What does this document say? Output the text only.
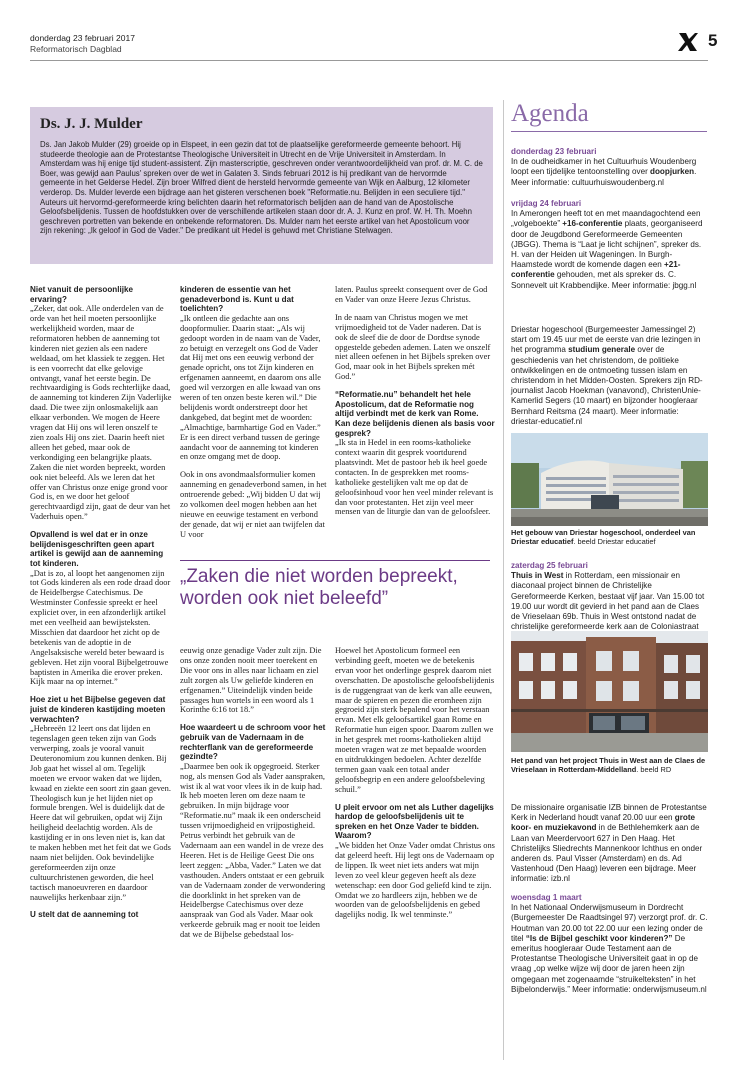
donderdag 23 februari 2017
Reformatorisch Dagblad	5
Ds. J. J. Mulder
Ds. Jan Jakob Mulder (29) groeide op in Elspeet, in een gezin dat tot de plaatselijke gereformeerde gemeente behoort. Hij studeerde theologie aan de Protestantse Theologische Universiteit in Utrecht en de Vrije Universiteit in Amsterdam. In Amsterdam was hij enige tijd student-assistent. Zijn masterscriptie, geschreven onder verantwoordelijkheid van prof. dr. M. C. de Boer, was gewijd aan Paulus' spreken over de wet in Galaten 3. Sinds februari 2012 is hij predikant van de hervormde gemeente in het Gelderse Hedel. Zijn broer Wilfred dient de hersteld hervormde gemeente van Wijk en Aalburg, 12 kilometer verderop. Ds. Mulder leverde een bijdrage aan het gisteren verschenen boek "Reformatie.nu. Belijden in een seculiere tijd." Auteurs uit hervormd-gereformeerde kring belichten daarin het reformatorisch belijden aan de hand van de Apostolische Geloofsbelijdenis. Tussen de hoofdstukken over de verschillende artikelen staan door dr. A. J. Kunz en prof. W. H. Th. Moehn geschreven portretten van bekende en onbekende reformatoren. Ds. Mulder nam het eerste artikel van het Apostolicum voor zijn rekening: „Ik geloof in God de Vader." De predikant uit Hedel is gehuwd met Christiane Stelwagen.

Niet vanuit de persoonlijke ervaring?

„Zeker, dat ook. Alle onderdelen van de orde van het heil moeten persoonlijke werkelijkheid worden, maar de reformatoren hebben de aanneming tot kinderen niet gezien als een nadere weldaad, om het klassiek te zeggen. Het is een voorrecht dat elke gelovige ontvangt, vanaf het eerste begin. De rechtvaardiging is Gods rechterlijke daad, de aanneming tot kinderen Zijn Vaderlijke daad. Die twee zijn onlosmakelijk aan elkaar verbonden. We mogen de Heere vragen dat Hij ons wil leren onszelf te zien zoals Hij ons ziet. Daarin heeft niet alleen het gebed, maar ook de verkondiging een belangrijke plaats. Zaken die niet worden bepreekt, worden ook niet beleefd. Als we leren dat het offer van Christus onze enige grond voor God is, en we door het geloof gerechtvaardigd zijn, gaat de deur van het Vaderhuis open.”

Opvallend is wel dat er in onze belijdenisgeschriften geen apart artikel is gewijd aan de aanneming tot kinderen.

„Dat is zo, al loopt het aangenomen zijn tot Gods kinderen als een rode draad door de Heidelbergse Catechismus. De Westminster Confessie spreekt er heel expliciet over, in een afzonderlijk artikel met een veelheid aan bewijsteksten. Misschien dat daardoor het zicht op de betekenis van de adoptie in de Angelsaksische wereld beter bewaard is gebleven. Het zijn vooral Bijbelgetrouwe baptisten in Amerika die erover preken. Kijk maar na op internet.”

Hoe ziet u het Bijbelse gegeven dat juist de kinderen kastijding moeten verwachten?

„Hebreeën 12 leert ons dat lijden en tegenslagen geen teken zijn van Gods verwerping, zoals je vooral vanuit Deuteronomium zou kunnen denken. Bij Job gaat het wissel al om. Tegelijk moeten we ervoor waken dat we lijden, kwaad en ziekte een soort zin gaan geven. Theologisch kun je het lijden niet op formule brengen. Wel is duidelijk dat de Heere dat wil gebruiken, opdat wij Zijn heiligheid deelachtig worden. Als de kastijding er in ons leven niet is, kan dat te maken hebben met het feit dat we Gods naam niet belijden. Ook bevindelijke gereformeerden zijn onze cultuurchristenen geworden, die heel tactisch manoeuvreren en daardoor nauwelijks herkenbaar zijn.”

U stelt dat de aanneming tot

kinderen de essentie van het genadeverbond is. Kunt u dat toelichten?

„Ik ontleen die gedachte aan ons doopformulier. Daarin staat: „Als wij gedoopt worden in de naam van de Vader, zo betuigt en verzegelt ons God de Vader dat Hij met ons een eeuwig verbond der genade opricht, ons tot Zijn kinderen en erfgenamen aanneemt, en daarom ons alle goed wil verzorgen en alle kwaad van ons weren of ten onzen beste keren wil.” Die belijdenis wordt onderstreept door het dankgebed, dat begint met de woorden: „Almachtige, barmhartige God en Vader.” Er is een direct verband tussen de geringe aandacht voor de aanneming tot kinderen en onze omgang met de doop.

Ook in ons avondmaalsformulier komen aanneming en genadeverbond samen, in het ontroerende gebed: „Wij bidden U dat wij zo volkomen deel mogen hebben aan het nieuwe en eeuwige testament en verbond der genade, dat wij er niet aan twijfelen dat U voor

laten. Paulus spreekt consequent over de God en Vader van onze Heere Jezus Christus.

In de naam van Christus mogen we met vrijmoedigheid tot de Vader naderen. Dat is ook de sleef die de door de Dordtse synode opgestelde gebeden ademen. Laten we onszelf niet alleen oefenen in het Bijbels spreken over God, maar ook in het Bijbels spreken mét God.”

“Reformatie.nu” behandelt het hele Apostolicum, dat de Reformatie nog altijd verbindt met de kerk van Rome. Kan deze belijdenis dienen als basis voor gesprek?

„Ik sta in Hedel in een rooms-katholieke context waarin dit gesprek voortdurend plaatsvindt. Met de pastoor heb ik heel goede contacten. In de gesprekken met rooms-katholieke gestelijken valt me op dat de geloofsinhoud voor hen veel minder relevant is dan voor protestanten. Het zijn veel meer mensen van de liturgie dan van de geloofsleer.

„Zaken die niet worden bepreekt, worden ook niet beleefd”

eeuwig onze genadige Vader zult zijn. Die ons onze zonden nooit meer toerekent en Die voor ons in alles naar lichaam en ziel zult zorgen als Uw geliefde kinderen en erfgenamen.” Uiteindelijk vinden beide passages hun wortels in een woord als 1 Korinthe 6:16 tot 18.”

Hoe waardeert u de schroom voor het gebruik van de Vadernaam in de rechterflank van de gereformeerde gezindte?

„Daarmee ben ook ik opgegroeid. Sterker nog, als mensen God als Vader aanspraken, wist ik al wat voor vlees ik in de kuip had. Ik heb moeten leren om deze naam te gebruiken. In mijn bijdrage voor “Reformatie.nu” maak ik een onderscheid tussen vrijmoedigheid en vrijpostigheid. Petrus verbindt het gebruik van de Vadernaam aan een wandel in de vreze des Heeren. Het is de Heilige Geest Die ons leert zeggen: „Abba, Vader.” Laten we dat vasthouden. Anders ontstaat er een gebruik van de Vadernaam zonder de verwondering die doorklinkt in het spreken van de Heidelbergse Catechismus over deze aanspraak van God als Vader. Maar ook verkeerde gebruik mag er nooit toe leiden dat we de Bijbelse gebedstaal los-

Hoewel het Apostolicum formeel een verbinding geeft, moeten we de betekenis ervan voor het onderlinge gesprek daarom niet overschatten. De apostolische geloofsbelijdenis is de ruggengraat van de kerk van alle eeuwen, maar de spieren en pezen die eromheen zijn gegroeid zijn sterk bepalend voor het verstaan ervan. Met elk geloofsartikel gaan Rome en Reformatie hun eigen spoor. Daarom zullen we in het gesprek met rooms-katholieken altijd moeten vragen wat ze met bepaalde woorden en uitdrukkingen bedoelen. Achter dezelfde termen gaan vaak een totaal ander geloofsbegrip en een andere geloofsbeleving schuil.”

U pleit ervoor om net als Luther dagelijks hardop de geloofsbelijdenis uit te spreken en het Onze Vader te bidden. Waarom?

„We bidden het Onze Vader omdat Christus ons dat geleerd heeft. Hij legt ons de Vadernaam op de lippen. Ik weet niet iets anders wat mijn leven zo veel kleur gegeven heeft als deze wetenschap: een door God geliefd kind te zijn. Omdat we zo hardleers zijn, hebben we de woorden van de geloofsbelijdenis en gebed dagelijks nodig. Ik wel tenminste.”

Agenda
donderdag 23 februari
In de oudheidkamer in het Cultuurhuis Woudenberg loopt een tijdelijke tentoonstelling over doopjurken. Meer informatie: cultuurhuiswoudenberg.nl
vrijdag 24 februari
In Amerongen heeft tot en met maandagochtend een „volgeboekte” +16-conferentie plaats, georganiseerd door de Jeugdbond Gereformeerde Gemeenten (JBGG). Thema is “Laat je licht schijnen”, spreker ds. H. van der Heiden uit Wageningen. In Burgh-Haamstede wordt de komende dagen een +21-conferentie gehouden, met als spreker ds. C. Sonnevelt uit Krabbendijke. Meer informatie: jbgg.nl
Driestar hogeschool (Burgemeester Jamessingel 2) start om 19.45 uur met de eerste van drie lezingen in het programma studium generale over de geschiedenis van het christendom, de politieke ontwikkelingen en de ontmoeting tussen islam en christendom in het Midden-Oosten. Sprekers zijn RD-journalist Jacob Hoekman (vanavond), ChristenUnie-Kamerlid Segers (10 maart) en bijzonder hoogleraar Bernhard Reitsma (24 maart). Meer informatie: driestar-educatief.nl
Het gebouw van Driestar hogeschool, onderdeel van Driestar educatief. beeld Driestar educatief
zaterdag 25 februari
Thuis in West in Rotterdam, een missionair en diaconaal project binnen de Christelijke Gereformeerde Kerken, bestaat vijf jaar. Van 15.00 tot 19.00 uur wordt dit gevierd in het pand aan de Claes de Vrieselaan 69b. Thuis in West ontstond nadat de christelijke gereformeerde kerk aan de Coloniastraat
Het pand van het project Thuis in West aan de Claes de Vrieselaan in Rotterdam-Middelland. beeld RD
De missionaire organisatie IZB binnen de Protestantse Kerk in Nederland houdt vanaf 20.00 uur een grote koor- en muziekavond in de Bethlehemkerk aan de Laan van Meerdervoort 627 in Den Haag. Het Christelijks Sliedrechts Mannenkoor Ichthus en onder anderen ds. Paul Visser (Amsterdam) en ds. Ad Vastenhoud (Den Haag) leveren een bijdrage. Meer informatie: izb.nl
woensdag 1 maart
In het Nationaal Onderwijsmuseum in Dordrecht (Burgemeester De Raadtsingel 97) verzorgt prof. dr. C. Houtman van 20.00 tot 22.00 uur een lezing onder de titel “Is de Bijbel geschikt voor kinderen?” De emeritus hoogleraar Oude Testament aan de Protestantse Theologische Universiteit gaat in op de vraag „op welke wijze wij door de jaren heen zijn omgegaan met zogenaamde “struikelteksten” in het Bijbelonderwijs.” Meer informatie: onderwijsmuseum.nl
